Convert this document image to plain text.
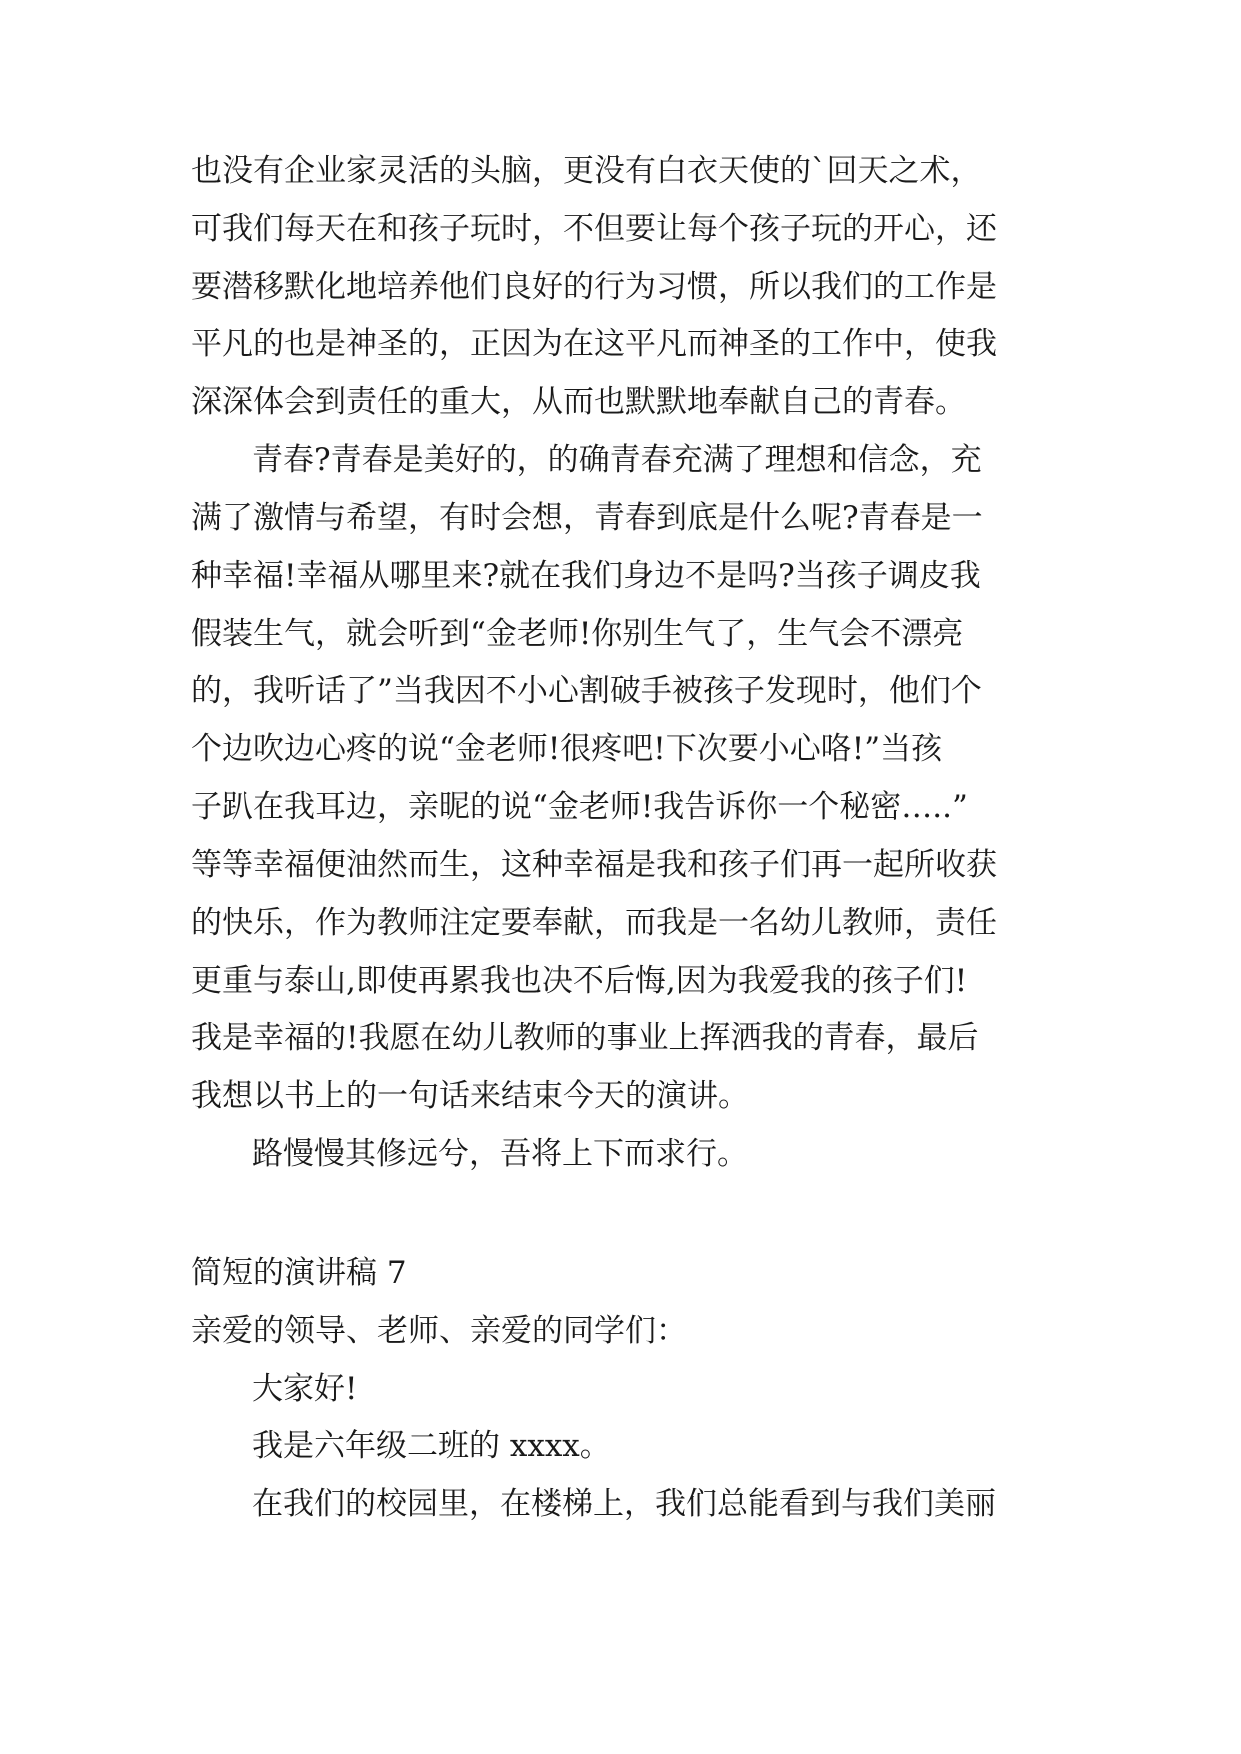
也没有企业家灵活的头脑，更没有白衣天使的`回天之术，
可我们每天在和孩子玩时，不但要让每个孩子玩的开心，还
要潜移默化地培养他们良好的行为习惯，所以我们的工作是
平凡的也是神圣的，正因为在这平凡而神圣的工作中，使我
深深体会到责任的重大，从而也默默地奉献自己的青春。
青春?青春是美好的，的确青春充满了理想和信念，充
满了激情与希望，有时会想，青春到底是什么呢?青春是一
种幸福!幸福从哪里来?就在我们身边不是吗?当孩子调皮我
假装生气，就会听到“金老师!你别生气了，生气会不漂亮
的，我听话了”当我因不小心割破手被孩子发现时，他们个
个边吹边心疼的说“金老师!很疼吧!下次要小心咯!”当孩
子趴在我耳边，亲昵的说“金老师!我告诉你一个秘密…..”
等等幸福便油然而生，这种幸福是我和孩子们再一起所收获
的快乐，作为教师注定要奉献，而我是一名幼儿教师，责任
更重与泰山,即使再累我也决不后悔,因为我爱我的孩子们!
我是幸福的!我愿在幼儿教师的事业上挥洒我的青春，最后
我想以书上的一句话来结束今天的演讲。
路慢慢其修远兮，吾将上下而求行。
简短的演讲稿 7
亲爱的领导、老师、亲爱的同学们：
大家好!
我是六年级二班的 xxxx。
在我们的校园里，在楼梯上，我们总能看到与我们美丽
